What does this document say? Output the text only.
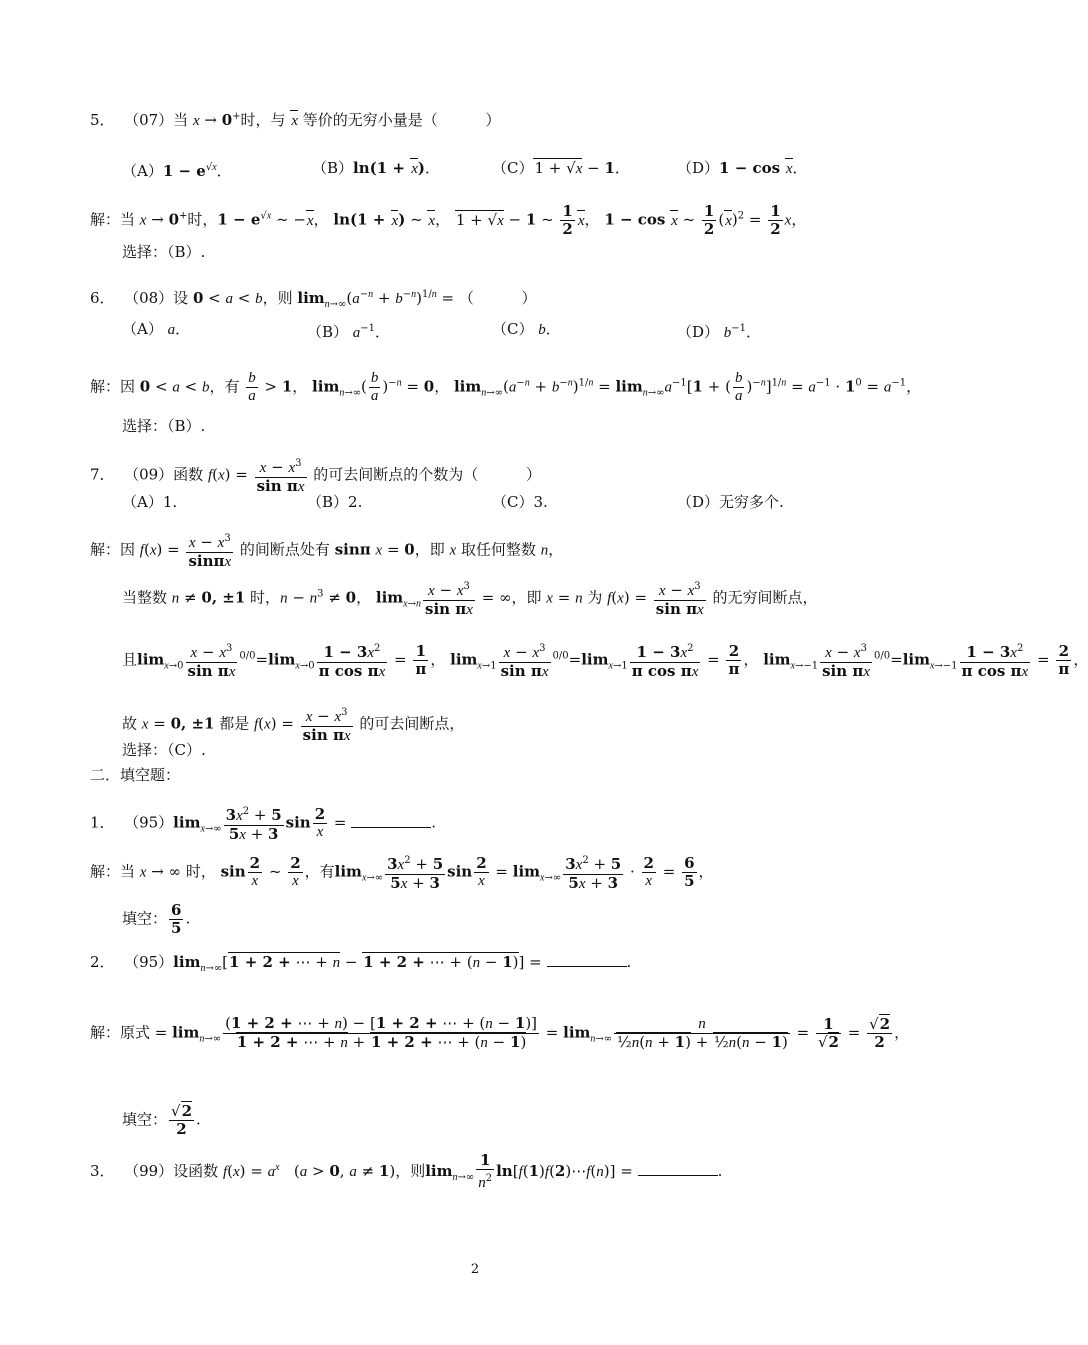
5．  （07）当 x → 0+时，与 x 等价的无穷小量是（          ）
$(A)1 - e^{√x}$．	（B）ln(1 + x)．	（C）1 + √x − 1．	（D）1 − cos x．
解：当 x → 0+时，$1 - e^{√x}$ ~ −x， ln(1 + x) ~ x， 1 + √x − 1 ~ $\frac{1}{2}$ x， 1 − cos x ~ $\frac{1}{2} (x)^2 = \frac{1}{2}$ x，
选择：（B）.
6．  （08）设 0 < a < b，则 $\lim_{n\to\infty}(a^{-n} + b^{-n})^{1/n}$ = （          ）
（A） a．	（B） $a^{-1}$．	（C） b．	（D） $b^{-1}$．
解：因 0 < a < b，有 $\frac{b}{a} > 1$， $\lim_{n\to\infty}( \frac{b}{a} )^{-n} = 0$， $\lim_{n\to\infty}(a^{-n} + b^{-n})^{1/n} = \lim_{n\to\infty}a^{-1}[1$ + ( $\frac{b}{a} )^{-n}]^{1/n} = a^{-1} \cdot 1^0 = a^{-1}$，
选择：（B）.
7．  （09）函数 $f(x) = \frac{x - x^3}{\text{sin πx}}$ 的可去间断点的个数为（          ）
（A）1.	（B）2.	（C）3.	（D）无穷多个.
解：因 $f(x) = \frac{x - x^3}{\sin\pi x}$ 的间断点处有 sinπ x = 0，即 x 取任何整数 n，
当整数 n ≠ 0, ±1 时，$n - n^3 \ne 0$， $\lim_{x\to n} \frac{x - x^3}{\text{sin πx}}$ = ∞，即 x = n 为 $f(x) = \frac{x - x^3}{\text{sin πx}}$ 的无穷间断点，
且$\lim_{x\to 0} \frac{x - x^3}{\text{sin πx}} ^{0/0}=\lim_{x\to 0} \frac{1 - 3x^2}{\text{π cos πx}} = \frac{1}{\pi}$ ， $\lim_{x\to 1} \frac{x - x^3}{\text{sin πx}} ^{0/0}=\lim_{x\to 1} \frac{1 - 3x^2}{\text{π cos πx}} = \frac{2}{\pi}$ ， $\lim_{x\to-1} \frac{x - x^3}{\text{sin πx}} ^{0/0}=\lim_{x\to-1} \frac{1 - 3x^2}{\text{π cos πx}} = \frac{2}{\pi}$ ，
故 x = 0, ±1 都是 $f(x) = \frac{x - x^3}{\text{sin πx}}$ 的可去间断点，
选择：（C）.
二．填空题：
1．  $(95)\lim_{x\to\infty} \frac{3x^2 + 5}{5x + 3}$ $\sin \frac{2}{x}$ =	.
解：当 x → ∞ 时， $\sin \frac{2}{x}$ ~ $\frac{2}{x}$ ，有$\lim_{x\to\infty} \frac{3x^2 + 5}{5x + 3}$ $\sin \frac{2}{x} = \lim_{x\to\infty} \frac{3x^2 + 5}{5x + 3} \cdot \frac{2}{x} = \frac{6}{5}$ ，
填空： $\frac{6}{5}$ .
2．  $(95)\lim_{n\to\infty}[1 + 2$ + ⋯ + n − 1 + 2 + ⋯ + (n − 1)] =	.
解：原式 = $\lim_{n\to\infty} \frac{(1 + 2 + \cdots + n) - [1 + 2 + \cdots + (n - 1)]}{1 + 2 + \cdots + n + 1 + 2 + \cdots + (n - 1)} = \lim_{n\to\infty} \frac{n}{\text{½n(n + 1) + ½n(n − 1)}} = \frac{1}{√2} = \frac{√2}{2}$ ，
填空： $\frac{√2}{2}$ .
3．  （99）设函数 $f(x) = a^x$   (a > 0, a ≠ 1)，则$\lim_{n\to\infty} \frac{1}{n^2}$ ln[f(1)f(2)⋯f(n)] =	.
2
